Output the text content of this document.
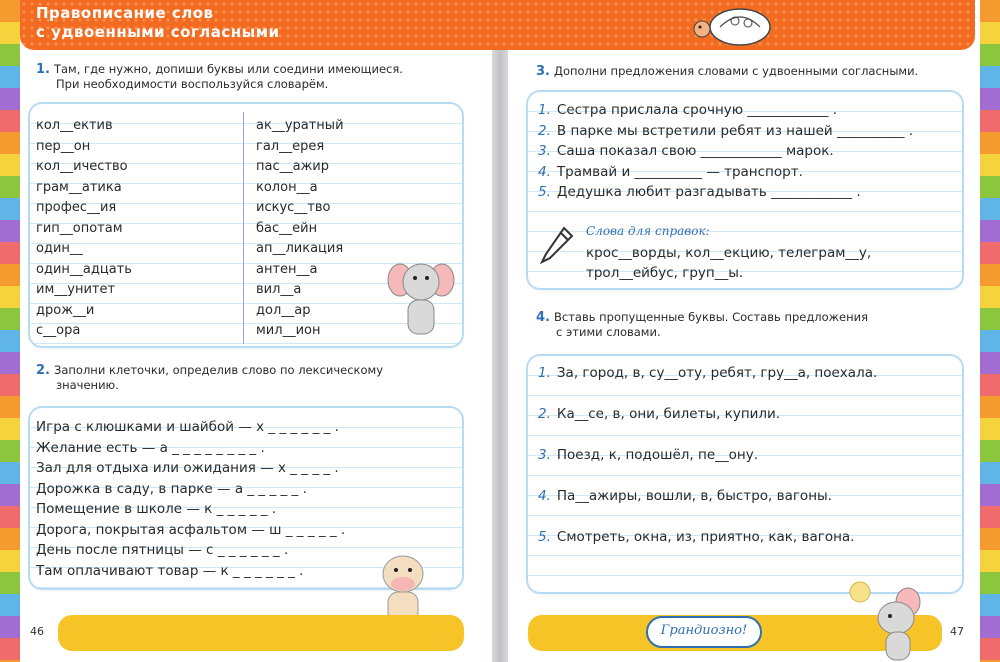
Правописание слов
с удвоенными согласными
1. Там, где нужно, допиши буквы или соедини имеющиеся.
При необходимости воспользуйся словарём.
кол__ектив
пер__он
кол__ичество
грам__атика
профес__ия
гип__опотам
один__
один__адцать
им__унитет
дрож__и
с__ора
ак__уратный
гал__ерея
пас__ажир
колон__а
искус__тво
бас__ейн
ап__ликация
антен__а
вил__а
дол__ар
мил__ион
2. Заполни клеточки, определив слово по лексическому
значению.
Игра с клюшками и шайбой — х _ _ _ _ _ _ .
Желание есть — а _ _ _ _ _ _ _ _ .
Зал для отдыха или ожидания — х _ _ _ _ .
Дорожка в саду, в парке — а _ _ _ _ _ .
Помещение в школе — к _ _ _ _ _ .
Дорога, покрытая асфальтом — ш _ _ _ _ _ .
День после пятницы — с _ _ _ _ _ _ .
Там оплачивают товар — к _ _ _ _ _ _ .
46
3. Дополни предложения словами с удвоенными согласными.
1. Сестра прислала срочную ____________ .
2. В парке мы встретили ребят из нашей __________ .
3. Саша показал свою ____________ марок.
4. Трамвай и __________ — транспорт.
5. Дедушка любит разгадывать ____________ .
Слова для справок:
крос__ворды, кол__екцию, телеграм__у,
трол__ейбус, груп__ы.
4. Вставь пропущенные буквы. Составь предложения
с этими словами.
1. За, город, в, су__оту, ребят, гру__а, поехала.
2. Ка__се, в, они, билеты, купили.
3. Поезд, к, подошёл, пе__ону.
4. Па__ажиры, вошли, в, быстро, вагоны.
5. Смотреть, окна, из, приятно, как, вагона.
Грандиозно!	47
